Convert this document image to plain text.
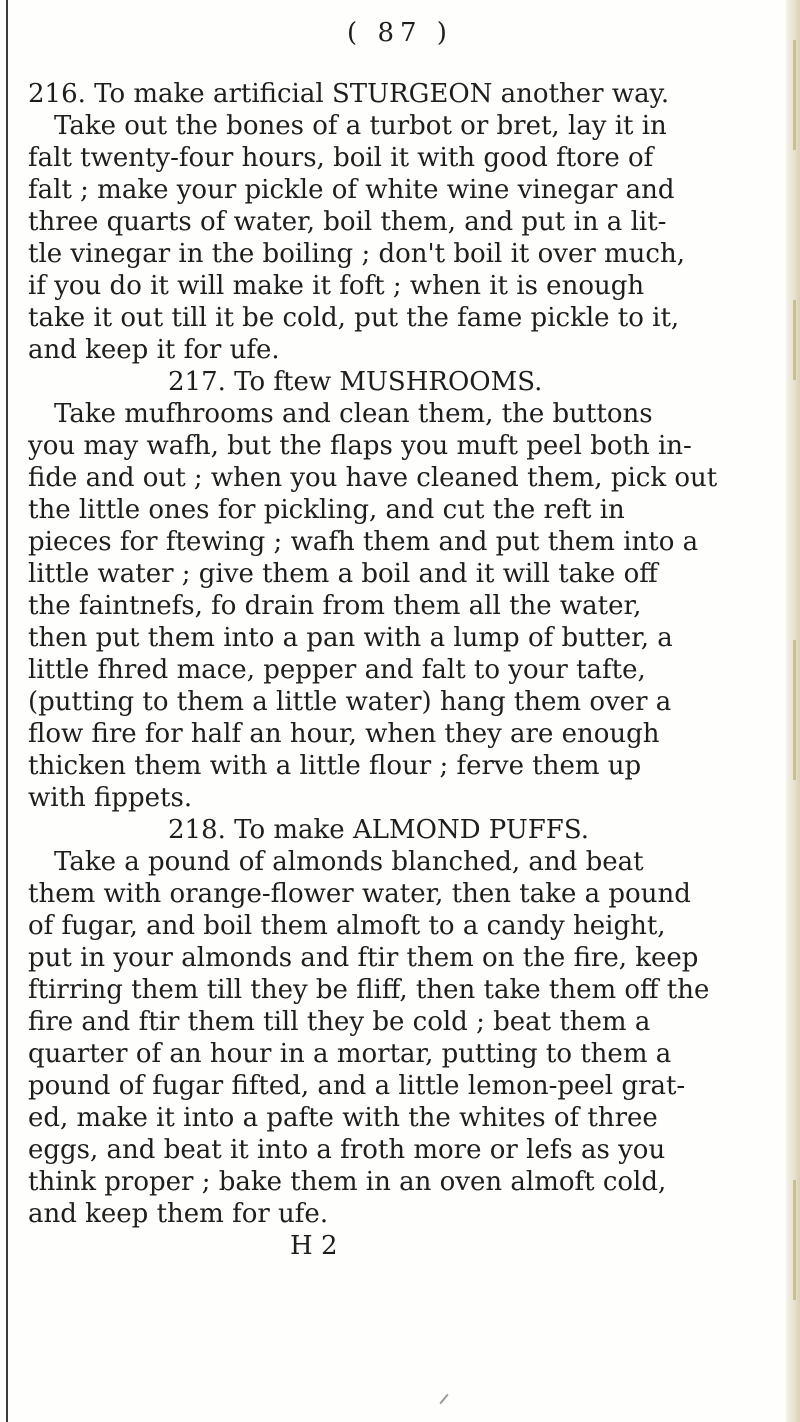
( 87 )
216. To make artificial STURGEON another way.
Take out the bones of a turbot or bret, lay it in
falt twenty-four hours, boil it with good ftore of
falt ; make your pickle of white wine vinegar and
three quarts of water, boil them, and put in a lit-
tle vinegar in the boiling ; don't boil it over much,
if you do it will make it foft ; when it is enough
take it out till it be cold, put the fame pickle to it,
and keep it for ufe.
217. To ftew MUSHROOMS.
Take mufhrooms and clean them, the buttons
you may wafh, but the flaps you muft peel both in-
fide and out ; when you have cleaned them, pick out
the little ones for pickling, and cut the reft in
pieces for ftewing ; wafh them and put them into a
little water ; give them a boil and it will take off
the faintnefs, fo drain from them all the water,
then put them into a pan with a lump of butter, a
little fhred mace, pepper and falt to your tafte,
(putting to them a little water) hang them over a
flow fire for half an hour, when they are enough
thicken them with a little flour ; ferve them up
with fippets.
218. To make ALMOND PUFFS.
Take a pound of almonds blanched, and beat
them with orange-flower water, then take a pound
of fugar, and boil them almoft to a candy height,
put in your almonds and ftir them on the fire, keep
ftirring them till they be fliff, then take them off the
fire and ftir them till they be cold ; beat them a
quarter of an hour in a mortar, putting to them a
pound of fugar fifted, and a little lemon-peel grat-
ed, make it into a pafte with the whites of three
eggs, and beat it into a froth more or lefs as you
think proper ; bake them in an oven almoft cold,
and keep them for ufe.
H 2
